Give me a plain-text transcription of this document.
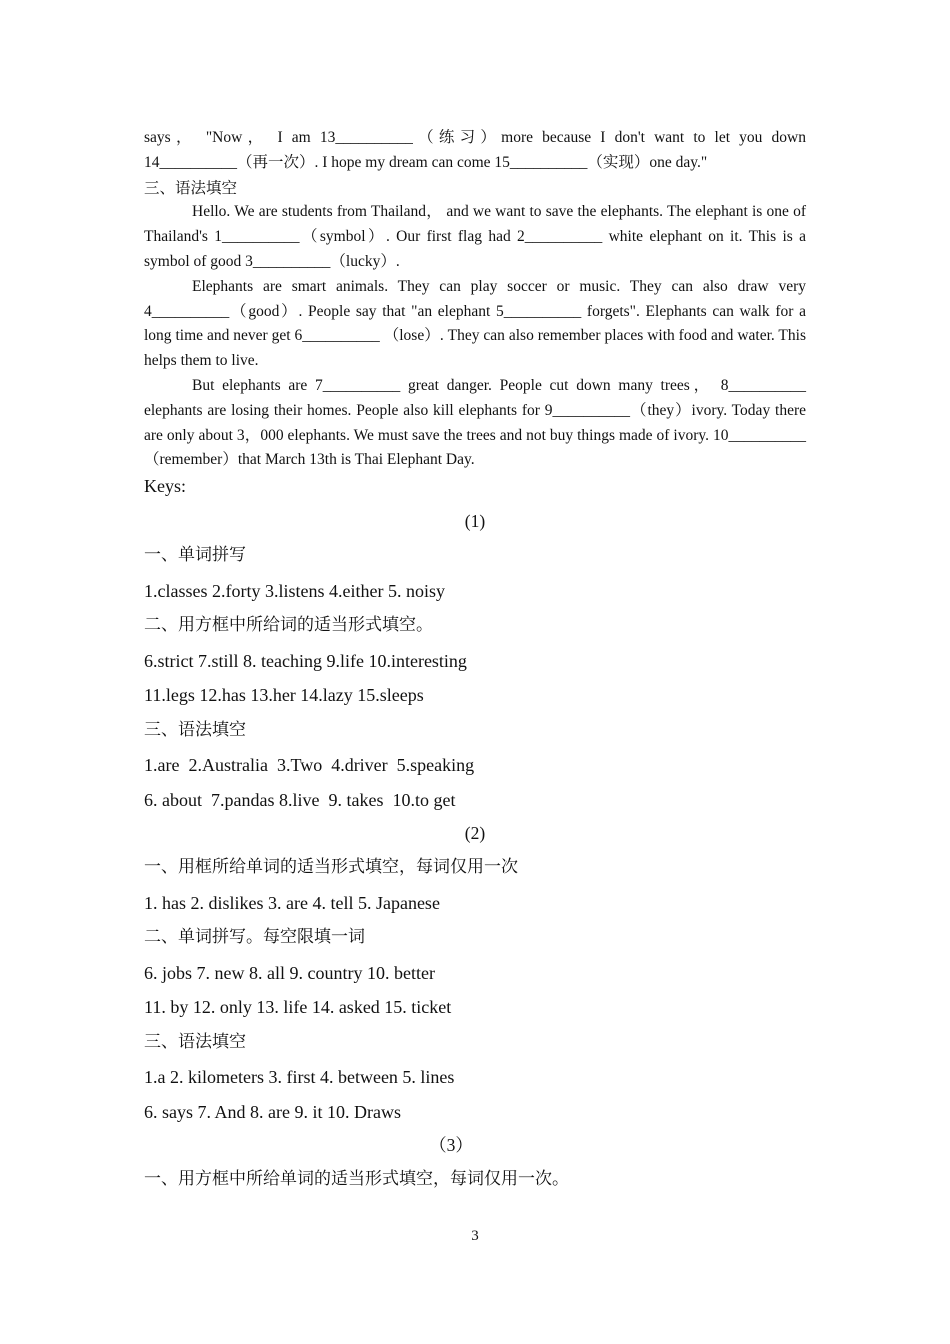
says， "Now， I am 13__________（练习）more because I don't want to let you down

14__________（再一次）. I hope my dream can come 15__________（实现）one day."

三、语法填空

Hello. We are students from Thailand， and we want to save the elephants. The elephant is one of Thailand's 1__________（symbol）. Our first flag had 2__________ white elephant on it. This is a symbol of good 3__________（lucky）.

Elephants are smart animals. They can play soccer or music. They can also draw very 4__________（good）. People say that "an elephant 5__________ forgets". Elephants can walk for a long time and never get 6__________ （lose）. They can also remember places with food and water. This helps them to live.

But elephants are 7__________ great danger. People cut down many trees， 8__________ elephants are losing their homes. People also kill elephants for 9__________（they）ivory. Today there are only about 3，000 elephants. We must save the trees and not buy things made of ivory. 10__________（remember）that March 13th is Thai Elephant Day.

Keys:

(1)

一、单词拼写

1.classes 2.forty 3.listens 4.either 5. noisy

二、用方框中所给词的适当形式填空。

6.strict 7.still 8. teaching 9.life 10.interesting

11.legs 12.has 13.her 14.lazy 15.sleeps

三、语法填空

1.are  2.Australia  3.Two  4.driver  5.speaking

6. about  7.pandas 8.live  9. takes  10.to get

(2)

一、用框所给单词的适当形式填空，每词仅用一次

1. has 2. dislikes 3. are 4. tell 5. Japanese

二、单词拼写。每空限填一词

6. jobs 7. new 8. all 9. country 10. better

11. by 12. only 13. life 14. asked 15. ticket

三、语法填空

1.a 2. kilometers 3. first 4. between 5. lines

6. says 7. And 8. are 9. it 10. Draws

（3）

一、用方框中所给单词的适当形式填空，每词仅用一次。

3
